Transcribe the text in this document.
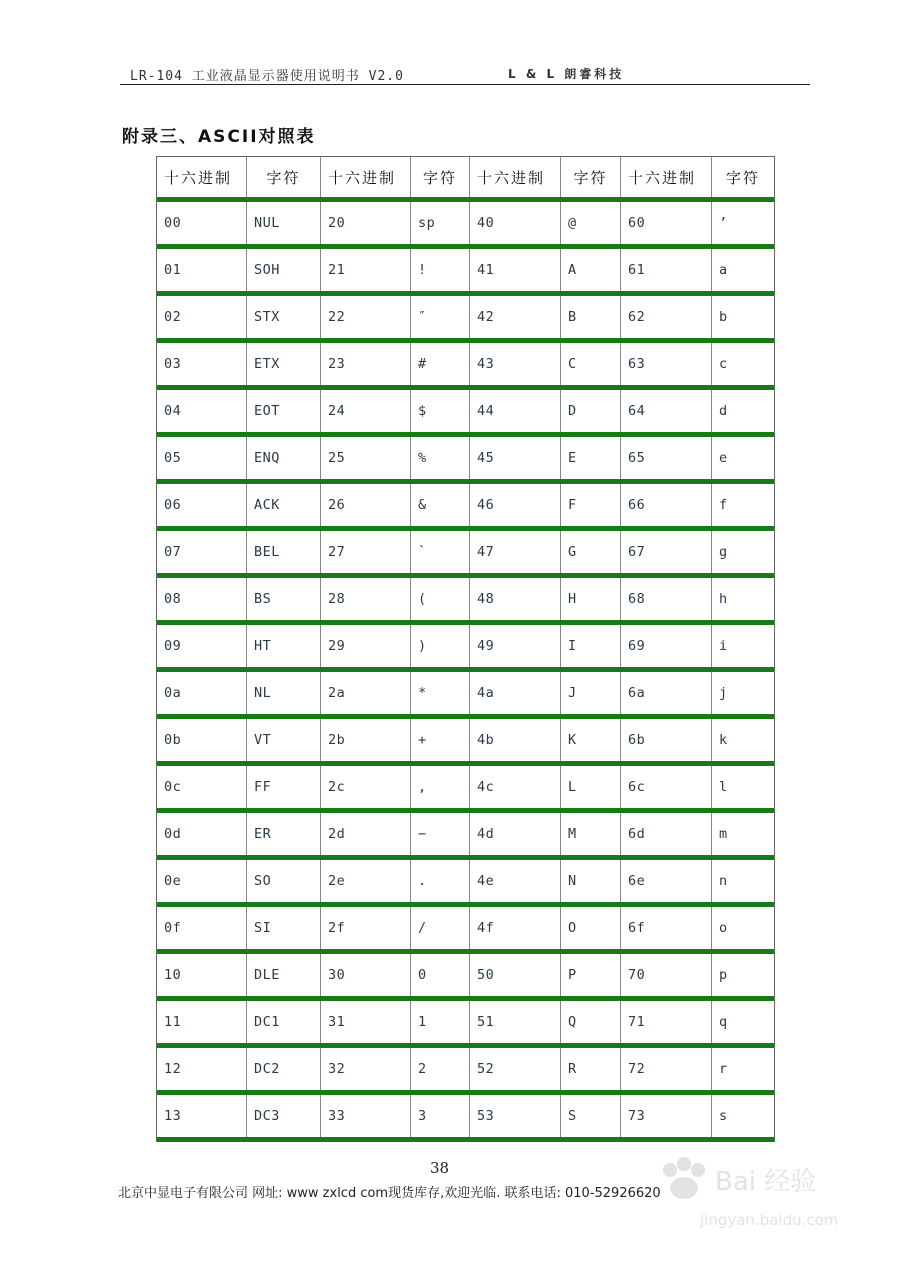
LR-104 工业液晶显示器使用说明书 V2.0	L & L 朗睿科技
附录三、ASCII对照表
十六进制	字符	十六进制	字符	十六进制	字符	十六进制	字符
00	NUL	20	sp	40	@	60	’
01	SOH	21	!	41	A	61	a
02	STX	22	″	42	B	62	b
03	ETX	23	#	43	C	63	c
04	EOT	24	$	44	D	64	d
05	ENQ	25	%	45	E	65	e
06	ACK	26	&	46	F	66	f
07	BEL	27	`	47	G	67	g
08	BS	28	(	48	H	68	h
09	HT	29	)	49	I	69	i
0a	NL	2a	*	4a	J	6a	j
0b	VT	2b	+	4b	K	6b	k
0c	FF	2c	,	4c	L	6c	l
0d	ER	2d	−	4d	M	6d	m
0e	SO	2e	.	4e	N	6e	n
0f	SI	2f	/	4f	O	6f	o
10	DLE	30	0	50	P	70	p
11	DC1	31	1	51	Q	71	q
12	DC2	32	2	52	R	72	r
13	DC3	33	3	53	S	73	s
38
北京中显电子有限公司 网址: www zxlcd com现货库存,欢迎光临. 联系电话: 010-52926620 Bai 经验
jingyan.baidu.com
